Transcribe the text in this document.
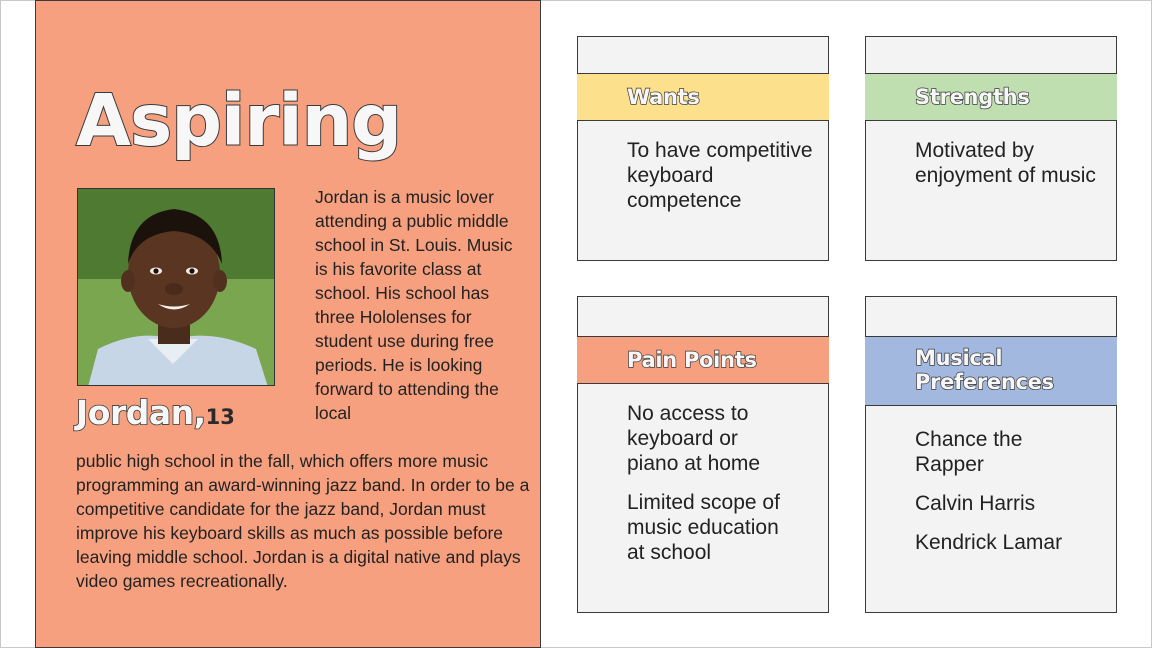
Aspiring
Jordan,13
Jordan is a music lover attending a public middle school in St. Louis. Music is his favorite class at school. His school has three Hololenses for student use during free periods. He is looking forward to attending the local
public high school in the fall, which offers more music programming an award-winning jazz band. In order to be a competitive candidate for the jazz band, Jordan must improve his keyboard skills as much as possible before leaving middle school. Jordan is a digital native and plays video games recreationally.
Wants
To have competitive keyboard competence
Strengths
Motivated by enjoyment of music
Pain Points
No access to keyboard or piano at home
Limited scope of music education at school
Musical Preferences
Chance the Rapper
Calvin Harris
Kendrick Lamar
